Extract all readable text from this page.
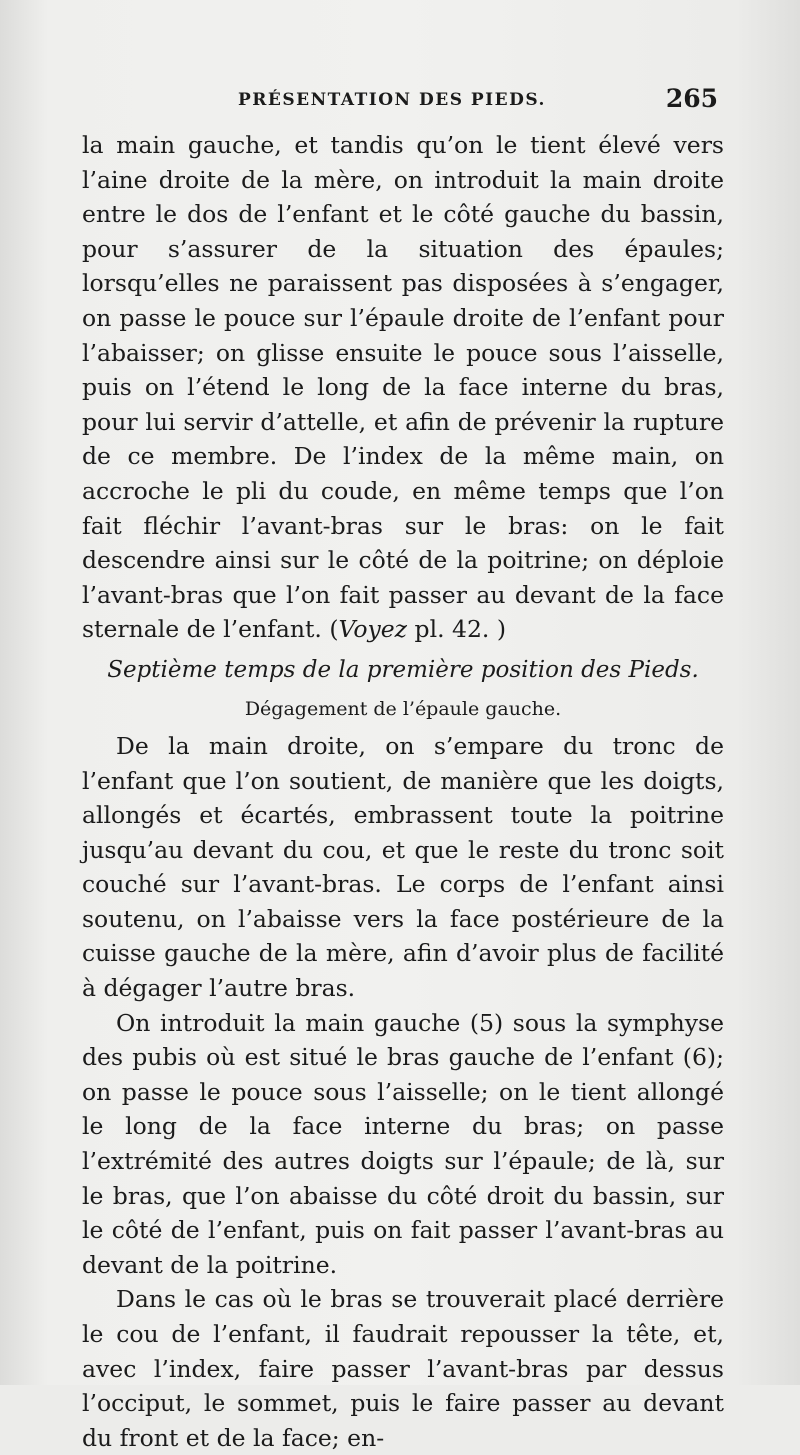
PRÉSENTATION DES PIEDS.	265

la main gauche, et tandis qu’on le tient élevé vers l’aine droite de la mère, on introduit la main droite entre le dos de l’enfant et le côté gauche du bassin, pour s’assurer de la situation des épaules; lorsqu’elles ne paraissent pas disposées à s’engager, on passe le pouce sur l’épaule droite de l’enfant pour l’abaisser; on glisse ensuite le pouce sous l’aisselle, puis on l’étend le long de la face interne du bras, pour lui servir d’attelle, et afin de prévenir la rupture de ce membre. De l’index de la même main, on accroche le pli du coude, en même temps que l’on fait fléchir l’avant-bras sur le bras: on le fait descendre ainsi sur le côté de la poitrine; on déploie l’avant-bras que l’on fait passer au devant de la face sternale de l’enfant. (Voyez pl. 42. )

Septième temps de la première position des Pieds.

Dégagement de l’épaule gauche.

De la main droite, on s’empare du tronc de l’enfant que l’on soutient, de manière que les doigts, allongés et écartés, embrassent toute la poitrine jusqu’au devant du cou, et que le reste du tronc soit couché sur l’avant-bras. Le corps de l’enfant ainsi soutenu, on l’abaisse vers la face postérieure de la cuisse gauche de la mère, afin d’avoir plus de facilité à dégager l’autre bras.

On introduit la main gauche (5) sous la symphyse des pubis où est situé le bras gauche de l’enfant (6); on passe le pouce sous l’aisselle; on le tient allongé le long de la face interne du bras; on passe l’extrémité des autres doigts sur l’épaule; de là, sur le bras, que l’on abaisse du côté droit du bassin, sur le côté de l’enfant, puis on fait passer l’avant-bras au devant de la poitrine.

Dans le cas où le bras se trouverait placé derrière le cou de l’enfant, il faudrait repousser la tête, et, avec l’index, faire passer l’avant-bras par dessus l’occiput, le sommet, puis le faire passer au devant du front et de la face; en-
